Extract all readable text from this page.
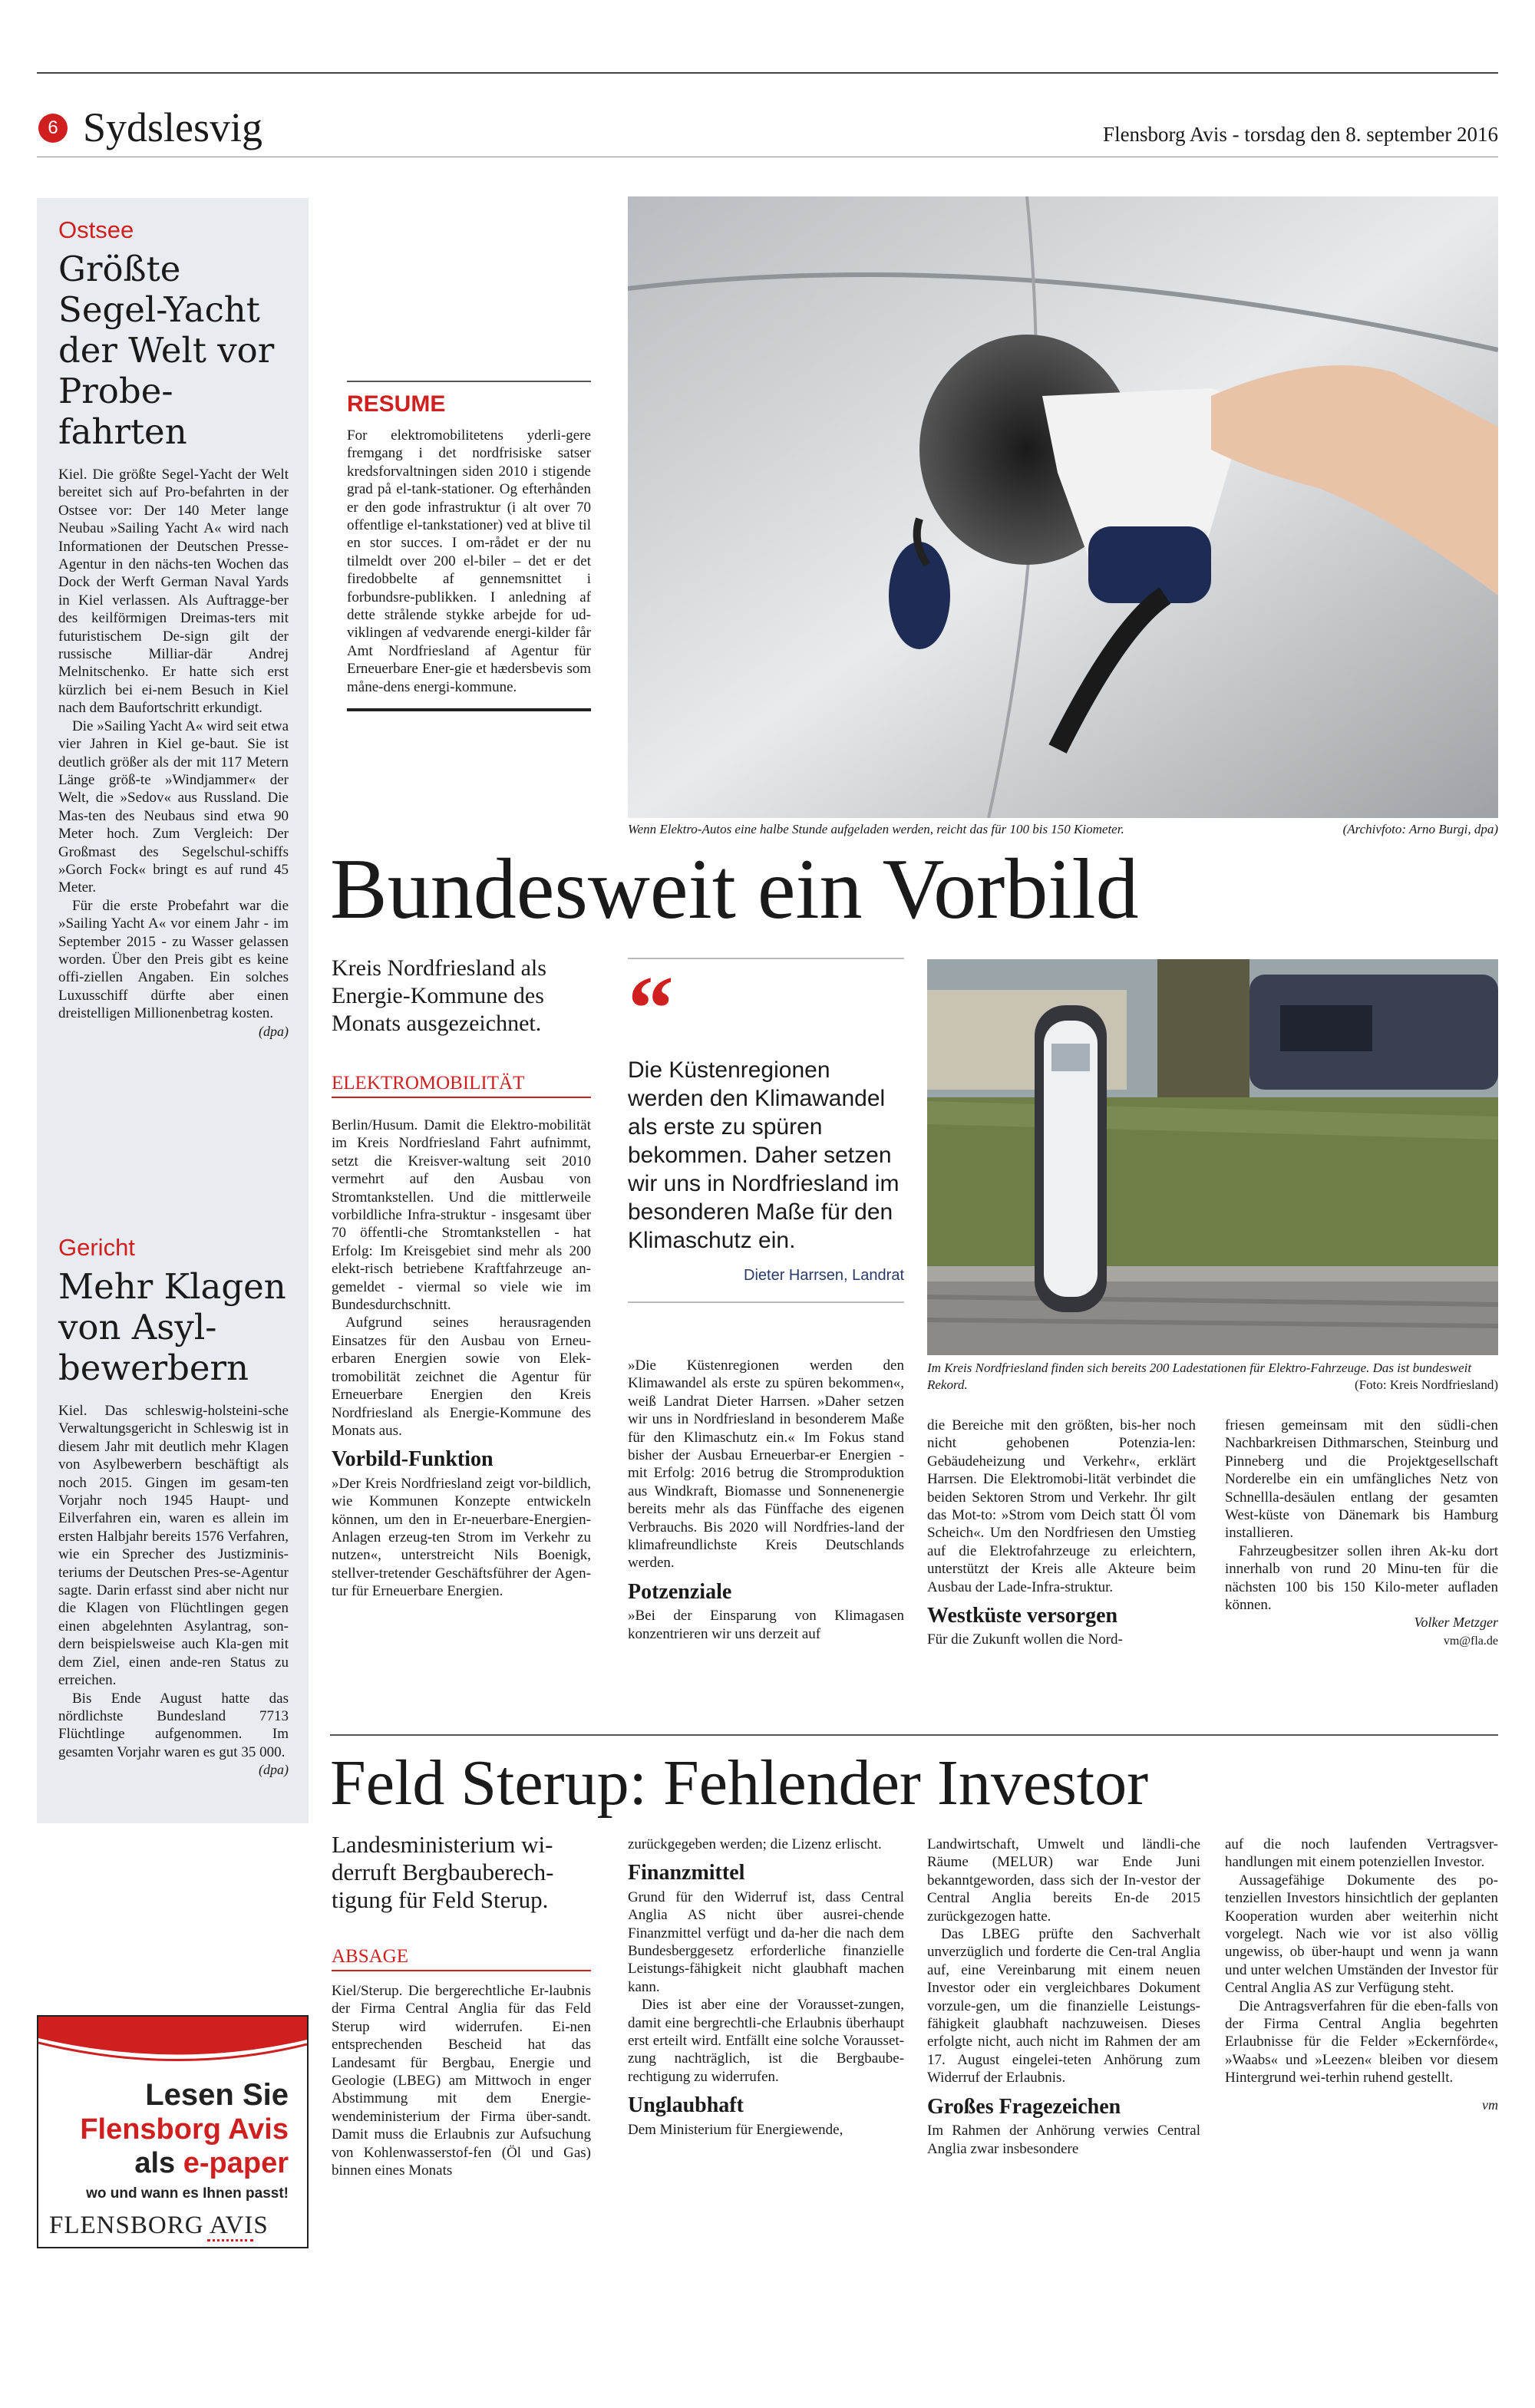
6 Sydslesvig	Flensborg Avis - torsdag den 8. september 2016
Ostsee
Größte Segel-Yacht der Welt vor Probe-fahrten

Kiel. Die größte Segel-Yacht der Welt bereitet sich auf Pro-befahrten in der Ostsee vor: Der 140 Meter lange Neubau »Sailing Yacht A« wird nach Informationen der Deutschen Presse-Agentur in den nächs-ten Wochen das Dock der Werft German Naval Yards in Kiel verlassen. Als Auftragge-ber des keilförmigen Dreimas-ters mit futuristischem De-sign gilt der russische Milliar-där Andrej Melnitschenko. Er hatte sich erst kürzlich bei ei-nem Besuch in Kiel nach dem Baufortschritt erkundigt.

Die »Sailing Yacht A« wird seit etwa vier Jahren in Kiel ge-baut. Sie ist deutlich größer als der mit 117 Metern Länge größ-te »Windjammer« der Welt, die »Sedov« aus Russland. Die Mas-ten des Neubaus sind etwa 90 Meter hoch. Zum Vergleich: Der Großmast des Segelschul-schiffs »Gorch Fock« bringt es auf rund 45 Meter.

Für die erste Probefahrt war die »Sailing Yacht A« vor einem Jahr - im September 2015 - zu Wasser gelassen worden. Über den Preis gibt es keine offi-ziellen Angaben. Ein solches Luxusschiff dürfte aber einen dreistelligen Millionenbetrag kosten.

(dpa)
Gericht
Mehr Klagen von Asyl-bewerbern

Kiel. Das schleswig-holsteini-sche Verwaltungsgericht in Schleswig ist in diesem Jahr mit deutlich mehr Klagen von Asylbewerbern beschäftigt als noch 2015. Gingen im gesam-ten Vorjahr noch 1945 Haupt- und Eilverfahren ein, waren es allein im ersten Halbjahr bereits 1576 Verfahren, wie ein Sprecher des Justizminis-teriums der Deutschen Pres-se-Agentur sagte. Darin erfasst sind aber nicht nur die Klagen von Flüchtlingen gegen einen abgelehnten Asylantrag, son-dern beispielsweise auch Kla-gen mit dem Ziel, einen ande-ren Status zu erreichen.

Bis Ende August hatte das nördlichste Bundesland 7713 Flüchtlinge aufgenommen. Im gesamten Vorjahr waren es gut 35 000.

(dpa)
Lesen Sie
Flensborg Avis
als e-paper
wo und wann es Ihnen passt!
FLENSBORG AVIS
RESUME
For elektromobilitetens yderli-gere fremgang i det nordfrisiske satser kredsforvaltningen siden 2010 i stigende grad på el-tank-stationer. Og efterhånden er den gode infrastruktur (i alt over 70 offentlige el-tankstationer) ved at blive til en stor succes. I om-rådet er der nu tilmeldt over 200 el-biler – det er det firedobbelte af gennemsnittet i forbundsre-publikken. I anledning af dette strålende stykke arbejde for ud-viklingen af vedvarende energi-kilder får Amt Nordfriesland af Agentur für Erneuerbare Ener-gie et hædersbevis som måne-dens energi-kommune.
Wenn Elektro-Autos eine halbe Stunde aufgeladen werden, reicht das für 100 bis 150 Kiometer.	(Archivfoto: Arno Burgi, dpa)
Bundesweit ein Vorbild
Kreis Nordfriesland als Energie-Kommune des Monats ausgezeichnet.
ELEKTROMOBILITÄT

Berlin/Husum. Damit die Elektro-mobilität im Kreis Nordfriesland Fahrt aufnimmt, setzt die Kreisver-waltung seit 2010 vermehrt auf den Ausbau von Stromtankstellen. Und die mittlerweile vorbildliche Infra-struktur - insgesamt über 70 öffentli-che Stromtankstellen - hat Erfolg: Im Kreisgebiet sind mehr als 200 elekt-risch betriebene Kraftfahrzeuge an-gemeldet - viermal so viele wie im Bundesdurchschnitt.

Aufgrund seines herausragenden Einsatzes für den Ausbau von Erneu-erbaren Energien sowie von Elek-tromobilität zeichnet die Agentur für Erneuerbare Energien den Kreis Nordfriesland als Energie-Kommune des Monats aus.

Vorbild-Funktion

»Der Kreis Nordfriesland zeigt vor-bildlich, wie Kommunen Konzepte entwickeln können, um den in Er-neuerbare-Energien-Anlagen erzeug-ten Strom im Verkehr zu nutzen«, unterstreicht Nils Boenigk, stellver-tretender Geschäftsführer der Agen-tur für Erneuerbare Energien.

“
Die Küstenregionen werden den Klimawandel als erste zu spüren bekommen. Daher setzen wir uns in Nordfriesland im besonderen Maße für den Klimaschutz ein.
Dieter Harrsen, Landrat

»Die Küstenregionen werden den Klimawandel als erste zu spüren bekommen«, weiß Landrat Dieter Harrsen. »Daher setzen wir uns in Nordfriesland in besonderem Maße für den Klimaschutz ein.« Im Fokus stand bisher der Ausbau Erneuerbar-er Energien - mit Erfolg: 2016 betrug die Stromproduktion aus Windkraft, Biomasse und Sonnenenergie bereits mehr als das Fünffache des eigenen Verbrauchs. Bis 2020 will Nordfries-land der klimafreundlichste Kreis Deutschlands werden.

Potzenziale

»Bei der Einsparung von Klimagasen konzentrieren wir uns derzeit auf

Im Kreis Nordfriesland finden sich bereits 200 Ladestationen für Elektro-Fahrzeuge. Das ist bundesweit Rekord.	(Foto: Kreis Nordfriesland)

die Bereiche mit den größten, bis-her noch nicht gehobenen Potenzia-len: Gebäudeheizung und Verkehr«, erklärt Harrsen. Die Elektromobi-lität verbindet die beiden Sektoren Strom und Verkehr. Ihr gilt das Mot-to: »Strom vom Deich statt Öl vom Scheich«. Um den Nordfriesen den Umstieg auf die Elektrofahrzeuge zu erleichtern, unterstützt der Kreis alle Akteure beim Ausbau der Lade-Infra-struktur.

Westküste versorgen

Für die Zukunft wollen die Nord-

friesen gemeinsam mit den südli-chen Nachbarkreisen Dithmarschen, Steinburg und Pinneberg und die Projektgesellschaft Norderelbe ein ein umfängliches Netz von Schnellla-desäulen entlang der gesamten West-küste von Dänemark bis Hamburg installieren.

Fahrzeugbesitzer sollen ihren Ak-ku dort innerhalb von rund 20 Minu-ten für die nächsten 100 bis 150 Kilo-meter aufladen können.

Volker Metzger
vm@fla.de
Feld Sterup: Fehlender Investor
Landesministerium wi-derruft Bergbauberech-tigung für Feld Sterup.
ABSAGE

Kiel/Sterup. Die bergerechtliche Er-laubnis der Firma Central Anglia für das Feld Sterup wird widerrufen. Ei-nen entsprechenden Bescheid hat das Landesamt für Bergbau, Energie und Geologie (LBEG) am Mittwoch in enger Abstimmung mit dem Energie-wendeministerium der Firma über-sandt. Damit muss die Erlaubnis zur Aufsuchung von Kohlenwasserstof-fen (Öl und Gas) binnen eines Monats

zurückgegeben werden; die Lizenz erlischt.

Finanzmittel

Grund für den Widerruf ist, dass Central Anglia AS nicht über ausrei-chende Finanzmittel verfügt und da-her die nach dem Bundesberggesetz erforderliche finanzielle Leistungs-fähigkeit nicht glaubhaft machen kann.

Dies ist aber eine der Vorausset-zungen, damit eine bergrechtli-che Erlaubnis überhaupt erst erteilt wird. Entfällt eine solche Vorausset-zung nachträglich, ist die Bergbaube-rechtigung zu widerrufen.

Unglaubhaft

Dem Ministerium für Energiewende,

Landwirtschaft, Umwelt und ländli-che Räume (MELUR) war Ende Juni bekanntgeworden, dass sich der In-vestor der Central Anglia bereits En-de 2015 zurückgezogen hatte.

Das LBEG prüfte den Sachverhalt unverzüglich und forderte die Cen-tral Anglia auf, eine Vereinbarung mit einem neuen Investor oder ein vergleichbares Dokument vorzule-gen, um die finanzielle Leistungs-fähigkeit glaubhaft nachzuweisen. Dieses erfolgte nicht, auch nicht im Rahmen der am 17. August eingelei-teten Anhörung zum Widerruf der Erlaubnis.

Großes Fragezeichen

Im Rahmen der Anhörung verwies Central Anglia zwar insbesondere

auf die noch laufenden Vertragsver-handlungen mit einem potenziellen Investor.

Aussagefähige Dokumente des po-tenziellen Investors hinsichtlich der geplanten Kooperation wurden aber weiterhin nicht vorgelegt. Nach wie vor ist also völlig ungewiss, ob über-haupt und wenn ja wann und unter welchen Umständen der Investor für Central Anglia AS zur Verfügung steht.

Die Antragsverfahren für die eben-falls von der Firma Central Anglia begehrten Erlaubnisse für die Felder »Eckernförde«, »Waabs« und »Leezen« bleiben vor diesem Hintergrund wei-terhin ruhend gestellt.

vm
